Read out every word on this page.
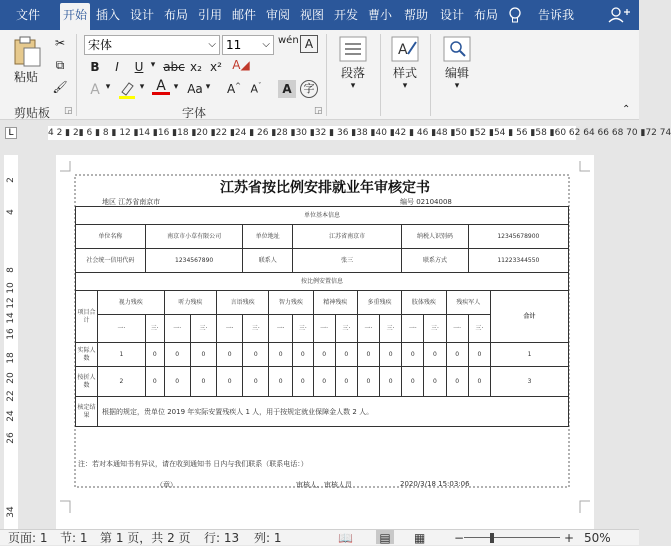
文件	开始 插入 设计 布局 引用 邮件 审阅 视图 开发 曹小 帮助 设计 布局	告诉我
粘贴
✂
⧉
🖌
剪贴板 ◲
宋体	⌵ 11 ⌵ wén A
B	I	U ▾ abc x₂ x² A◢
A ▾	▾ A ▾ Aa ▾ A^ $A^ˇ$	A	字
字体	◲
段落
▾
A
样式
▾
编辑
▾
⌃
L	4 2 ▮ 2▮ 6 ▮ 8 ▮ 12 ▮14 ▮16 ▮18 ▮20 ▮22 ▮24 ▮ 26 ▮28 ▮30 ▮32 ▮ 36 ▮38 ▮40 ▮42 ▮ 46 ▮48 ▮50 ▮52 ▮54 ▮ 56 ▮58 ▮60 62 64 66 68 70 ▮72 74
2
4
8
10
12
14
16
18
20
22
24
26
34
江苏省按比例安排就业年审核定书
地区 江苏省南京市	编号 02104008
单位基本信息																	
单位名称		南京市小草有限公司				单位地址		江苏省南京市					纳税人识别码			12345678900	
社会统一信用代码		1234567890				联系人		张三					联系方式			11223344550	
按比例安置信息																	
项目合计	视力残疾		听力残疾		言语残疾		智力残疾		精神残疾		多重残疾		肢体残疾		残疾军人		合计
	一·	三·	一·	三·	一·	三·	一·	三·	一·	三·	一·	三·	一·	三·	一·	三·	
实际人数	1	0	0	0	0	0	0	0	0	0	0	0	0	0	0	0	1
按折人数	2	0	0	0	0	0	0	0	0	0	0	0	0	0	0	0	3
核定结果	根据的规定，贵单位 2019 年实际安置残疾人 1 人，用于按规定就业保障金人数 2 人。																
注：若对本通知书有异议，请在收到通知书 日内与我们联系（联系电话：）
（章）	审核人、审核人员	2020/3/18 15:03:06
页面: 1 节: 1 第 1 页，共 2 页 行: 13 列: 1	📖 ▤ ▦ −	+ 50%
